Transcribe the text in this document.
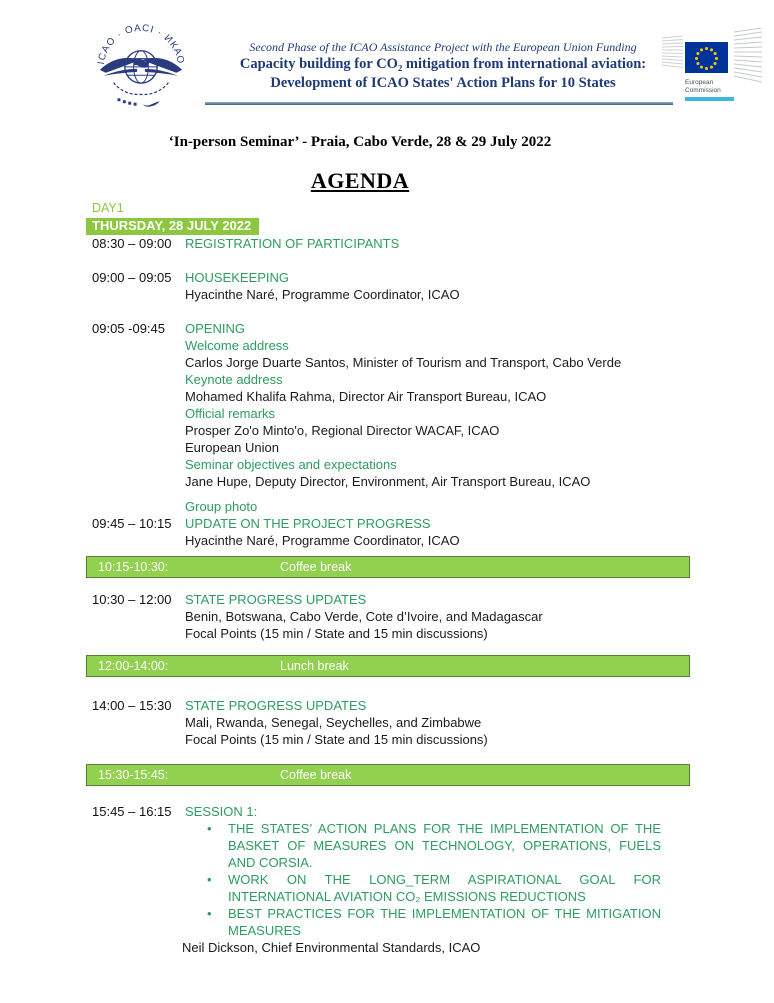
ICAO · OACI · ИКАО
Second Phase of the ICAO Assistance Project with the European Union Funding
Capacity building for CO₂ mitigation from international aviation:
Development of ICAO States' Action Plans for 10 States	European
Commission
‘In-person Seminar’ - Praia, Cabo Verde, 28 & 29 July 2022
AGENDA
DAY1
THURSDAY, 28 JULY 2022
08:30 – 09:00	REGISTRATION OF PARTICIPANTS
09:00 – 09:05	HOUSEKEEPING
Hyacinthe Naré, Programme Coordinator, ICAO
09:05 -09:45	OPENING
Welcome address
Carlos Jorge Duarte Santos, Minister of Tourism and Transport, Cabo Verde
Keynote address
Mohamed Khalifa Rahma, Director Air Transport Bureau, ICAO
Official remarks
Prosper Zo'o Minto'o, Regional Director WACAF, ICAO
European Union
Seminar objectives and expectations
Jane Hupe, Deputy Director, Environment, Air Transport Bureau, ICAO
Group photo
09:45 – 10:15	UPDATE ON THE PROJECT PROGRESS
Hyacinthe Naré, Programme Coordinator, ICAO
10:15-10:30:	Coffee break
10:30 – 12:00	STATE PROGRESS UPDATES
Benin, Botswana, Cabo Verde, Cote d’Ivoire, and Madagascar
Focal Points (15 min / State and 15 min discussions)
12:00-14:00:	Lunch break
14:00 – 15:30	STATE PROGRESS UPDATES
Mali, Rwanda, Senegal, Seychelles, and Zimbabwe
Focal Points (15 min / State and 15 min discussions)
15:30-15:45:	Coffee break
15:45 – 16:15	SESSION 1:
• THE STATES’ ACTION PLANS FOR THE IMPLEMENTATION OF THE BASKET OF MEASURES ON TECHNOLOGY, OPERATIONS, FUELS AND CORSIA.
• WORK ON THE LONG_TERM ASPIRATIONAL GOAL FOR INTERNATIONAL AVIATION CO₂ EMISSIONS REDUCTIONS
• BEST PRACTICES FOR THE IMPLEMENTATION OF THE MITIGATION MEASURES
Neil Dickson, Chief Environmental Standards, ICAO
